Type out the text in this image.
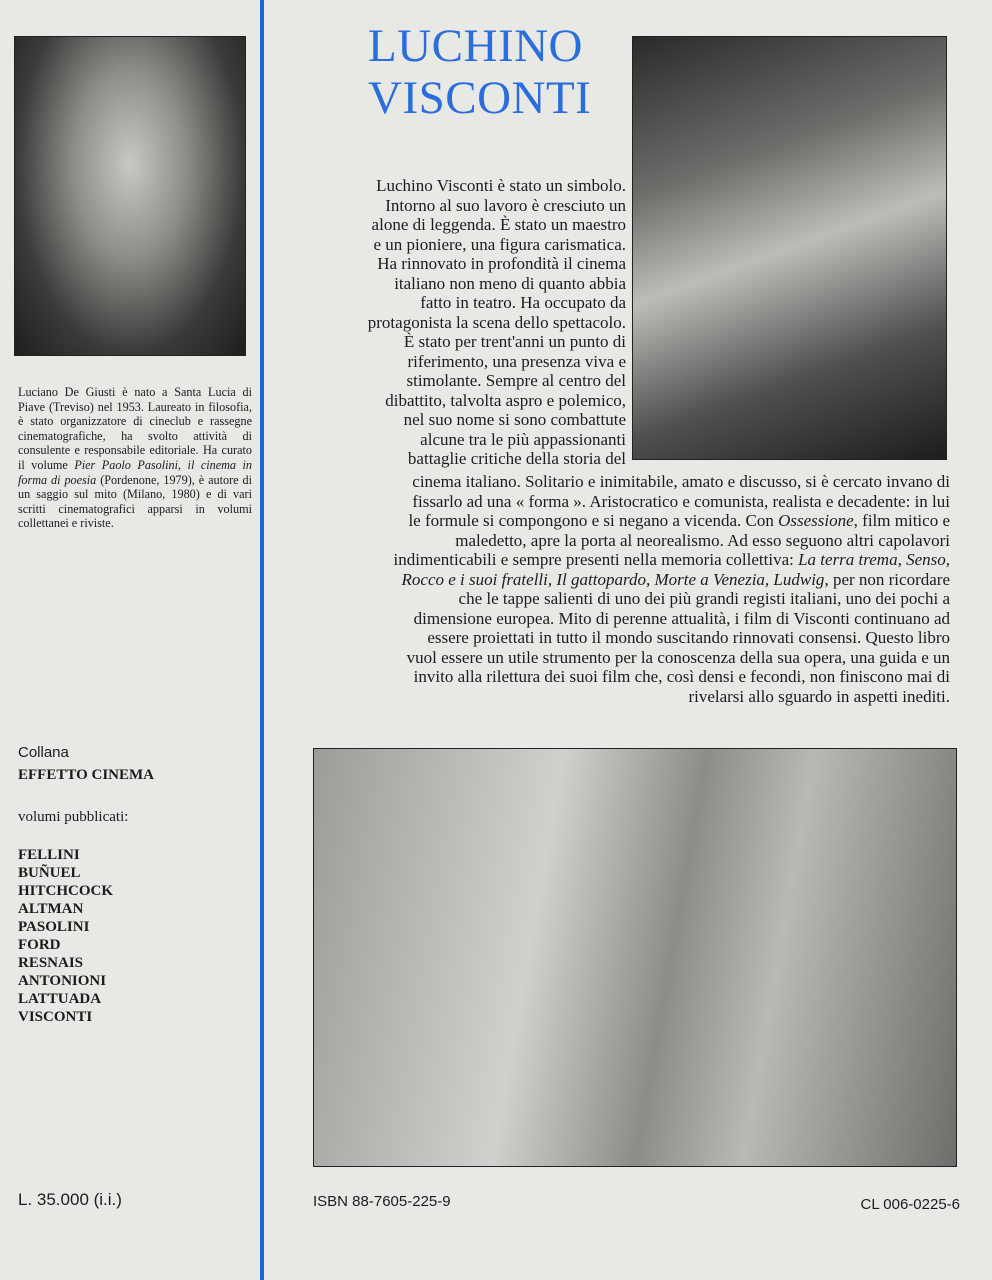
LUCHINO
VISCONTI
Luciano De Giusti è nato a Santa Lucia di Piave (Treviso) nel 1953. Laureato in filosofia, è stato organizzatore di cineclub e rassegne cinematografiche, ha svolto attività di consulente e responsabile editoriale. Ha curato il volume Pier Paolo Pasolini, il cinema in forma di poesia (Pordenone, 1979), è autore di un saggio sul mito (Milano, 1980) e di vari scritti cinematografici apparsi in volumi collettanei e riviste.
Luchino Visconti è stato un simbolo.
Intorno al suo lavoro è cresciuto un
alone di leggenda. È stato un maestro
e un pioniere, una figura carismatica.
Ha rinnovato in profondità il cinema
italiano non meno di quanto abbia
fatto in teatro. Ha occupato da
protagonista la scena dello spettacolo.
È stato per trent'anni un punto di
riferimento, una presenza viva e
stimolante. Sempre al centro del
dibattito, talvolta aspro e polemico,
nel suo nome si sono combattute
alcune tra le più appassionanti
battaglie critiche della storia del
cinema italiano. Solitario e inimitabile, amato e discusso, si è cercato invano di
fissarlo ad una « forma ». Aristocratico e comunista, realista e decadente: in lui
le formule si compongono e si negano a vicenda. Con Ossessione, film mitico e
maledetto, apre la porta al neorealismo. Ad esso seguono altri capolavori
indimenticabili e sempre presenti nella memoria collettiva: La terra trema, Senso,
Rocco e i suoi fratelli, Il gattopardo, Morte a Venezia, Ludwig, per non ricordare
che le tappe salienti di uno dei più grandi registi italiani, uno dei pochi a
dimensione europea. Mito di perenne attualità, i film di Visconti continuano ad
essere proiettati in tutto il mondo suscitando rinnovati consensi. Questo libro
vuol essere un utile strumento per la conoscenza della sua opera, una guida e un
invito alla rilettura dei suoi film che, così densi e fecondi, non finiscono mai di
rivelarsi allo sguardo in aspetti inediti.
Collana
EFFETTO CINEMA
volumi pubblicati:
FELLINI
BUÑUEL
HITCHCOCK
ALTMAN
PASOLINI
FORD
RESNAIS
ANTONIONI
LATTUADA
VISCONTI
L. 35.000 (i.i.)	ISBN 88-7605-225-9	CL 006-0225-6
